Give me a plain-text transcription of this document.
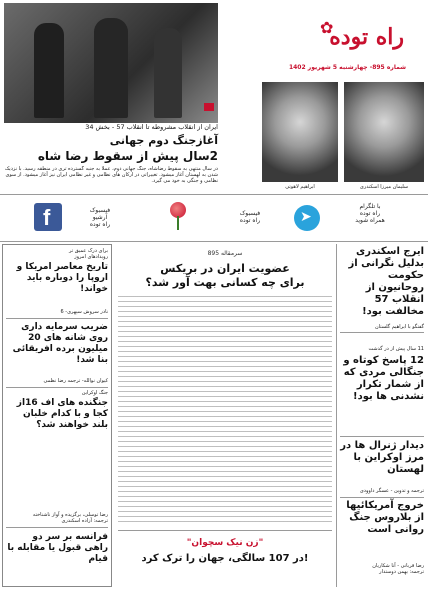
ایران از انقلاب مشروطه تا انقلاب 57 - بخش 34
آغازجنگ دوم جهانی
2سال پیش از سقوط رضا شاه
در سال منتهی به سقوط رضاشاه، جنگ جهانی دوم، عملا به جنبه گسترده تری در منطقه رسید. با نزدیک شدن به لهستان آغاز میشود. تغییراتی در ارکان های نظامی و غیر نظامی ایران نیز آغاز میشود. از سوی نظامی و جنگی به خود می گیرد.
راه توده
✿
شماره 895- چهارشنبه 5 شهریور 1402
ابراهیم لاهوتی	سلیمان میرزا اسکندری
f	فیسبوک
آرشیو
راه توده
فیسبوک
راه توده	➤
با تلگرام
راه توده
همراه شوید
برای درک عمیق تر
رویدادهای امروز
تاریخ معاصر امریکا و اروپا را دوباره باید خواند!
نادر سروش سپهری- 6
ضریب سرمایه داری روی شانه های 20 میلیون برده افریقائی بنا شد!
کیوان نوالله- ترجمه رضا نظمی
جنگ اوکراین
جنگنده های اف 16از کجا و با کدام خلبان بلند خواهند شد؟
رضا توسلی، برگزیده و آواز ناشناخته
ترجمه: آزاده اسکندری
فرانسه بر سر دو راهی قبول یا مقابله با قیام
سرمقاله 895
عضویت ایران در بریکس
برای چه کسانی بهت آور شد؟
"زن نیک سچوان"
در 107 سالگی، جهان را ترک کرد!
ایرج اسکندری بدلیل نگرانی از حکومت روحانیون از انقلاب 57 مخالفت بود!
گفتگو با ابراهیم گلستان
11 سال پیش از در گذشت
12 پاسخ کوتاه و جنگالی مردی که از شمار تکرار نشدنی ها بود!
دیدار ژنرال ها در مرز اوکراین با لهستان
ترجمه و تدوین - عسگر داوودی
خروج آمریکائیها از بلاروس جنگ روانی است
رضا قربانی - آنا شکاریان
ترجمه: بهمن دوستدار
